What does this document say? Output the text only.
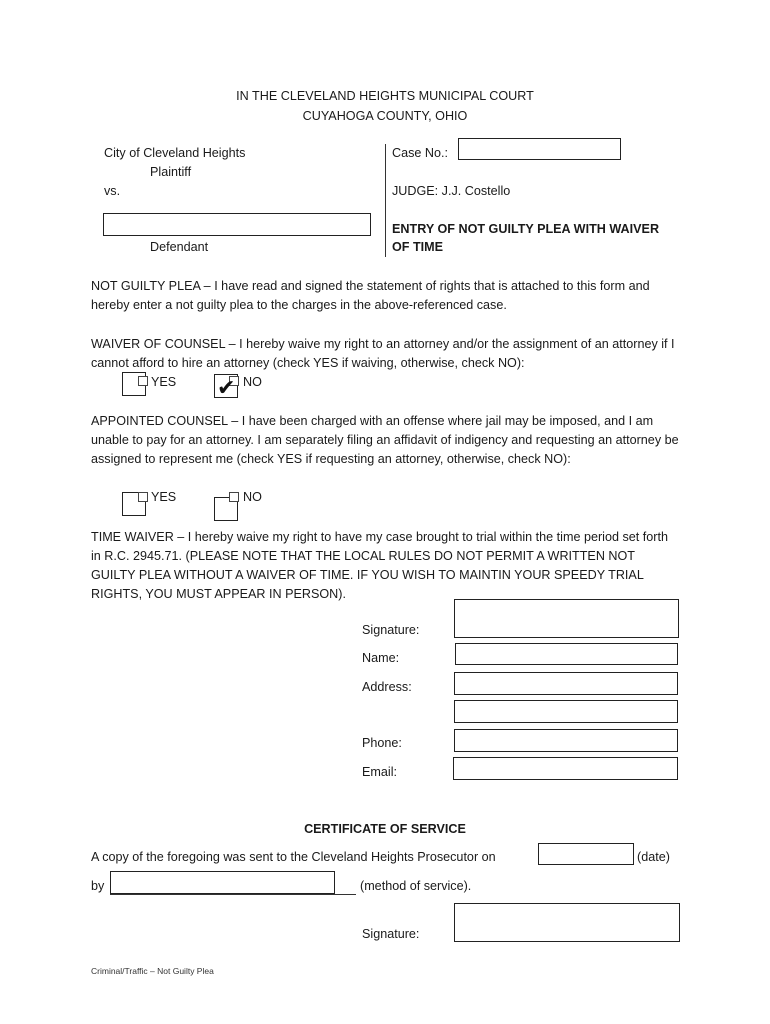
IN THE CLEVELAND HEIGHTS MUNICIPAL COURT
CUYAHOGA COUNTY, OHIO
City of Cleveland Heights
Plaintiff
vs.
Defendant
Case No.:
JUDGE: J.J. Costello
ENTRY OF NOT GUILTY PLEA WITH WAIVER
OF TIME
NOT GUILTY PLEA – I have read and signed the statement of rights that is attached to this form and hereby enter a not guilty plea to the charges in the above-referenced case.
WAIVER OF COUNSEL – I hereby waive my right to an attorney and/or the assignment of an attorney if I cannot afford to hire an attorney (check YES if waiving, otherwise, check NO):
YES ✔ NO
APPOINTED COUNSEL – I have been charged with an offense where jail may be imposed, and I am unable to pay for an attorney. I am separately filing an affidavit of indigency and requesting an attorney be assigned to represent me (check YES if requesting an attorney, otherwise, check NO):
YES	NO
TIME WAIVER – I hereby waive my right to have my case brought to trial within the time period set forth in R.C. 2945.71. (PLEASE NOTE THAT THE LOCAL RULES DO NOT PERMIT A WRITTEN NOT GUILTY PLEA WITHOUT A WAIVER OF TIME. IF YOU WISH TO MAINTIN YOUR SPEEDY TRIAL RIGHTS, YOU MUST APPEAR IN PERSON).
Signature:
Name:
Address:
Phone:
Email:
CERTIFICATE OF SERVICE
A copy of the foregoing was sent to the Cleveland Heights Prosecutor on	(date)
by	(method of service).
Signature:
Criminal/Traffic – Not Guilty Plea
